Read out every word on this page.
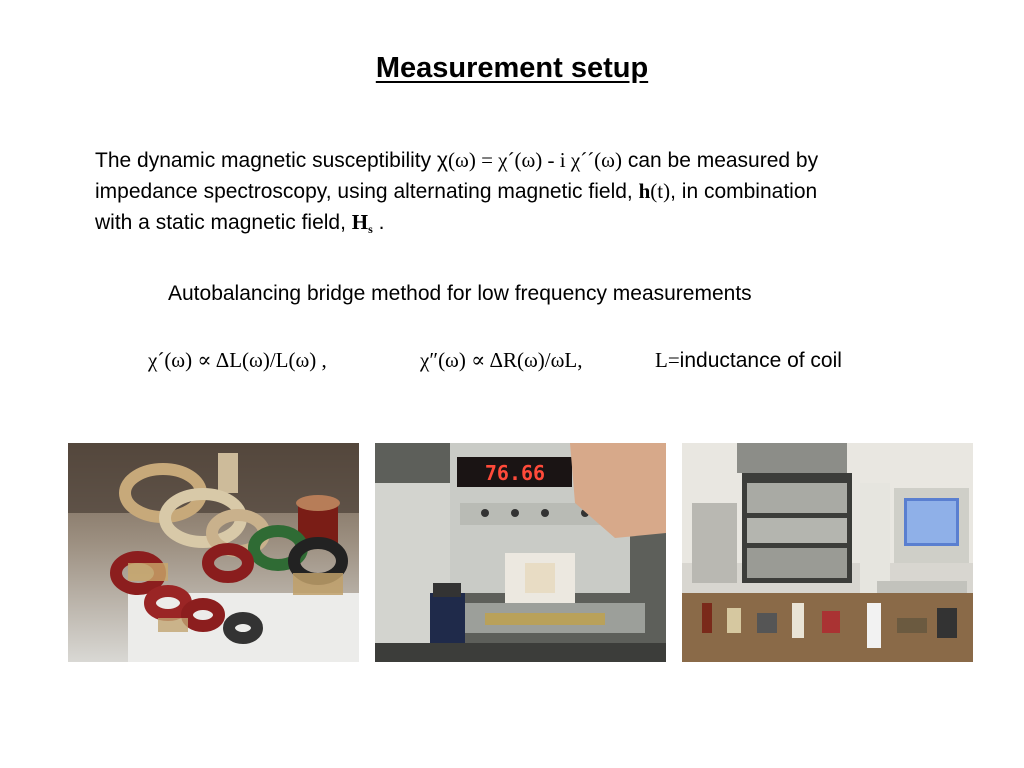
Measurement setup
The dynamic magnetic susceptibility χ(ω) = χ´(ω) - i χ´´(ω) can be measured by
impedance spectroscopy, using alternating magnetic field, h(t), in combination
with a static magnetic field, Hs .
Autobalancing bridge method for low frequency measurements
χ´(ω) ∝ ΔL(ω)/L(ω) ,	χ″(ω) ∝ ΔR(ω)/ωL,	L=inductance of coil
76.66
